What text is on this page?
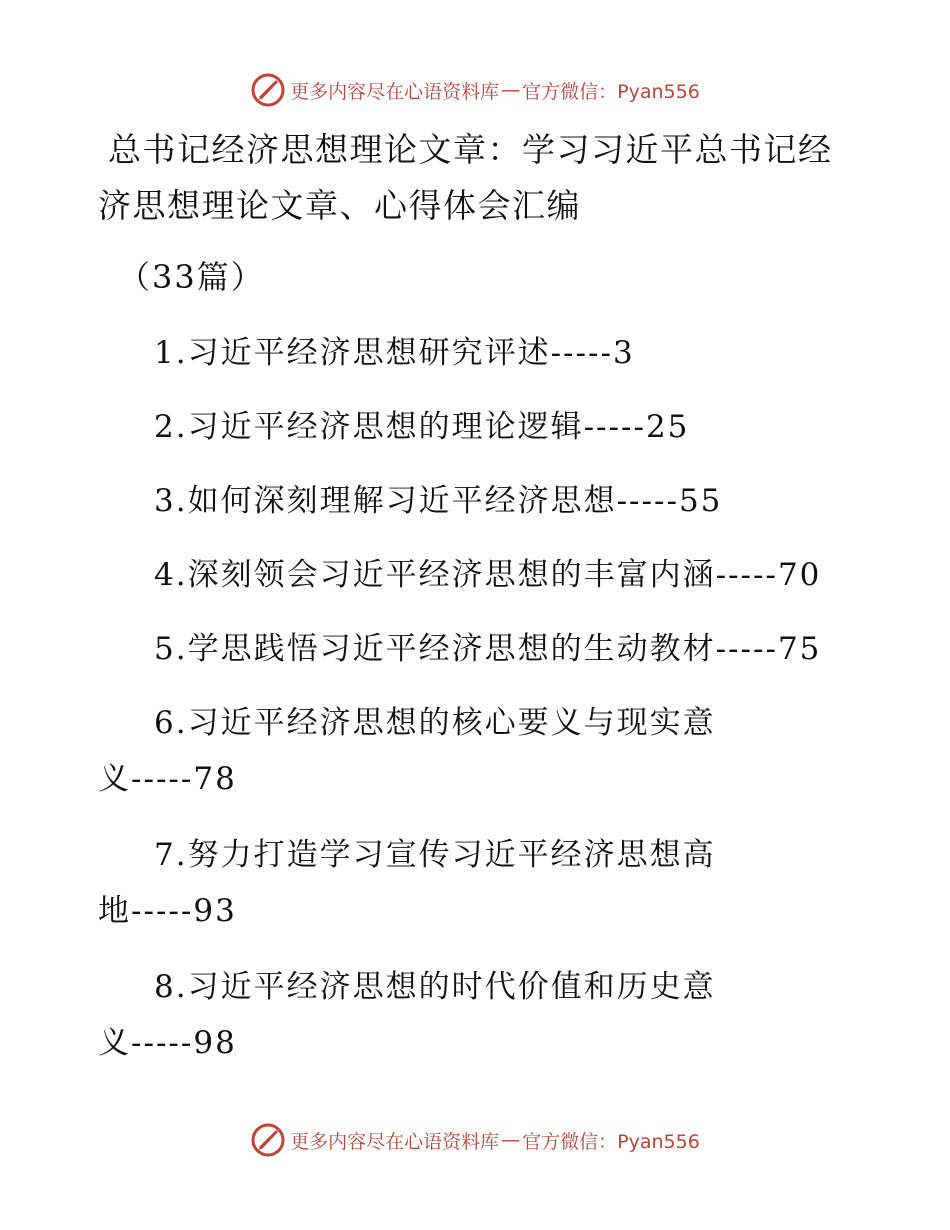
更多内容尽在心语资料库 — 官方微信：Pyan556
总书记经济思想理论文章：学习习近平总书记经
济思想理论文章、心得体会汇编
（33篇）
1.习近平经济思想研究评述-----3
2.习近平经济思想的理论逻辑-----25
3.如何深刻理解习近平经济思想-----55
4.深刻领会习近平经济思想的丰富内涵-----70
5.学思践悟习近平经济思想的生动教材-----75
6.习近平经济思想的核心要义与现实意义-----78
7.努力打造学习宣传习近平经济思想高地-----93
8.习近平经济思想的时代价值和历史意义-----98
更多内容尽在心语资料库 — 官方微信：Pyan556
